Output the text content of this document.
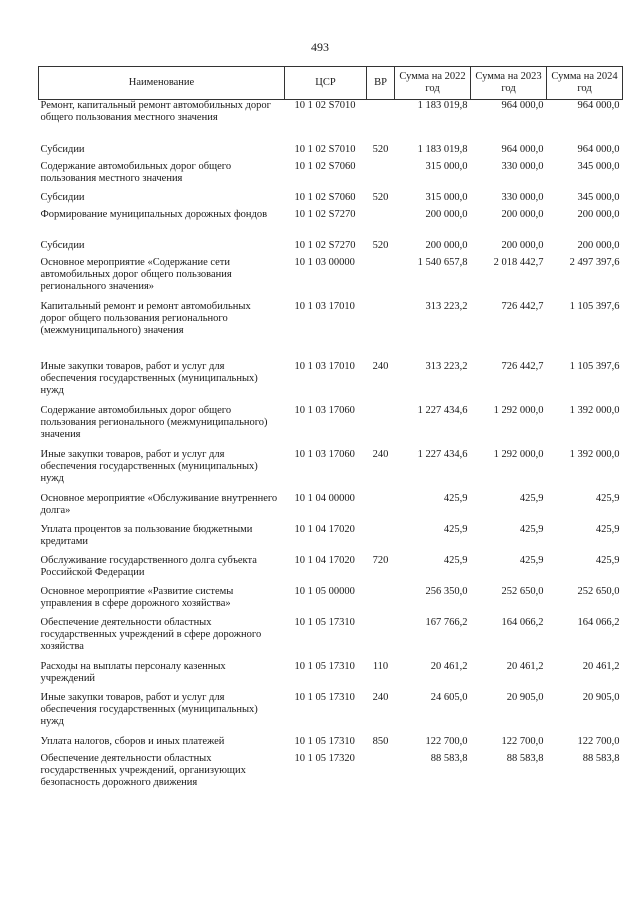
493
Наименование	ЦСР	ВР	Сумма на 2022 год	Сумма на 2023 год	Сумма на 2024 год
Ремонт, капитальный ремонт автомобильных дорог общего пользования местного значения	10 1 02 S7010		1 183 019,8	964 000,0	964 000,0
Субсидии	10 1 02 S7010	520	1 183 019,8	964 000,0	964 000,0
Содержание автомобильных дорог общего пользования местного значения	10 1 02 S7060		315 000,0	330 000,0	345 000,0
Субсидии	10 1 02 S7060	520	315 000,0	330 000,0	345 000,0
Формирование муниципальных дорожных фондов	10 1 02 S7270		200 000,0	200 000,0	200 000,0
Субсидии	10 1 02 S7270	520	200 000,0	200 000,0	200 000,0
Основное мероприятие «Содержание сети автомобильных дорог общего пользования регионального значения»	10 1 03 00000		1 540 657,8	2 018 442,7	2 497 397,6
Капитальный ремонт и ремонт автомобильных дорог общего пользования регионального (межмуниципального) значения	10 1 03 17010		313 223,2	726 442,7	1 105 397,6
Иные закупки товаров, работ и услуг для обеспечения государственных (муниципальных) нужд	10 1 03 17010	240	313 223,2	726 442,7	1 105 397,6
Содержание автомобильных дорог общего пользования регионального (межмуниципального) значения	10 1 03 17060		1 227 434,6	1 292 000,0	1 392 000,0
Иные закупки товаров, работ и услуг для обеспечения государственных (муниципальных) нужд	10 1 03 17060	240	1 227 434,6	1 292 000,0	1 392 000,0
Основное мероприятие «Обслуживание внутреннего долга»	10 1 04 00000		425,9	425,9	425,9
Уплата процентов за пользование бюджетными кредитами	10 1 04 17020		425,9	425,9	425,9
Обслуживание государственного долга субъекта Российской Федерации	10 1 04 17020	720	425,9	425,9	425,9
Основное мероприятие «Развитие системы управления в сфере дорожного хозяйства»	10 1 05 00000		256 350,0	252 650,0	252 650,0
Обеспечение деятельности областных государственных учреждений в сфере дорожного хозяйства	10 1 05 17310		167 766,2	164 066,2	164 066,2
Расходы на выплаты персоналу казенных учреждений	10 1 05 17310	110	20 461,2	20 461,2	20 461,2
Иные закупки товаров, работ и услуг для обеспечения государственных (муниципальных) нужд	10 1 05 17310	240	24 605,0	20 905,0	20 905,0
Уплата налогов, сборов и иных платежей	10 1 05 17310	850	122 700,0	122 700,0	122 700,0
Обеспечение деятельности областных государственных учреждений, организующих безопасность дорожного движения	10 1 05 17320		88 583,8	88 583,8	88 583,8
